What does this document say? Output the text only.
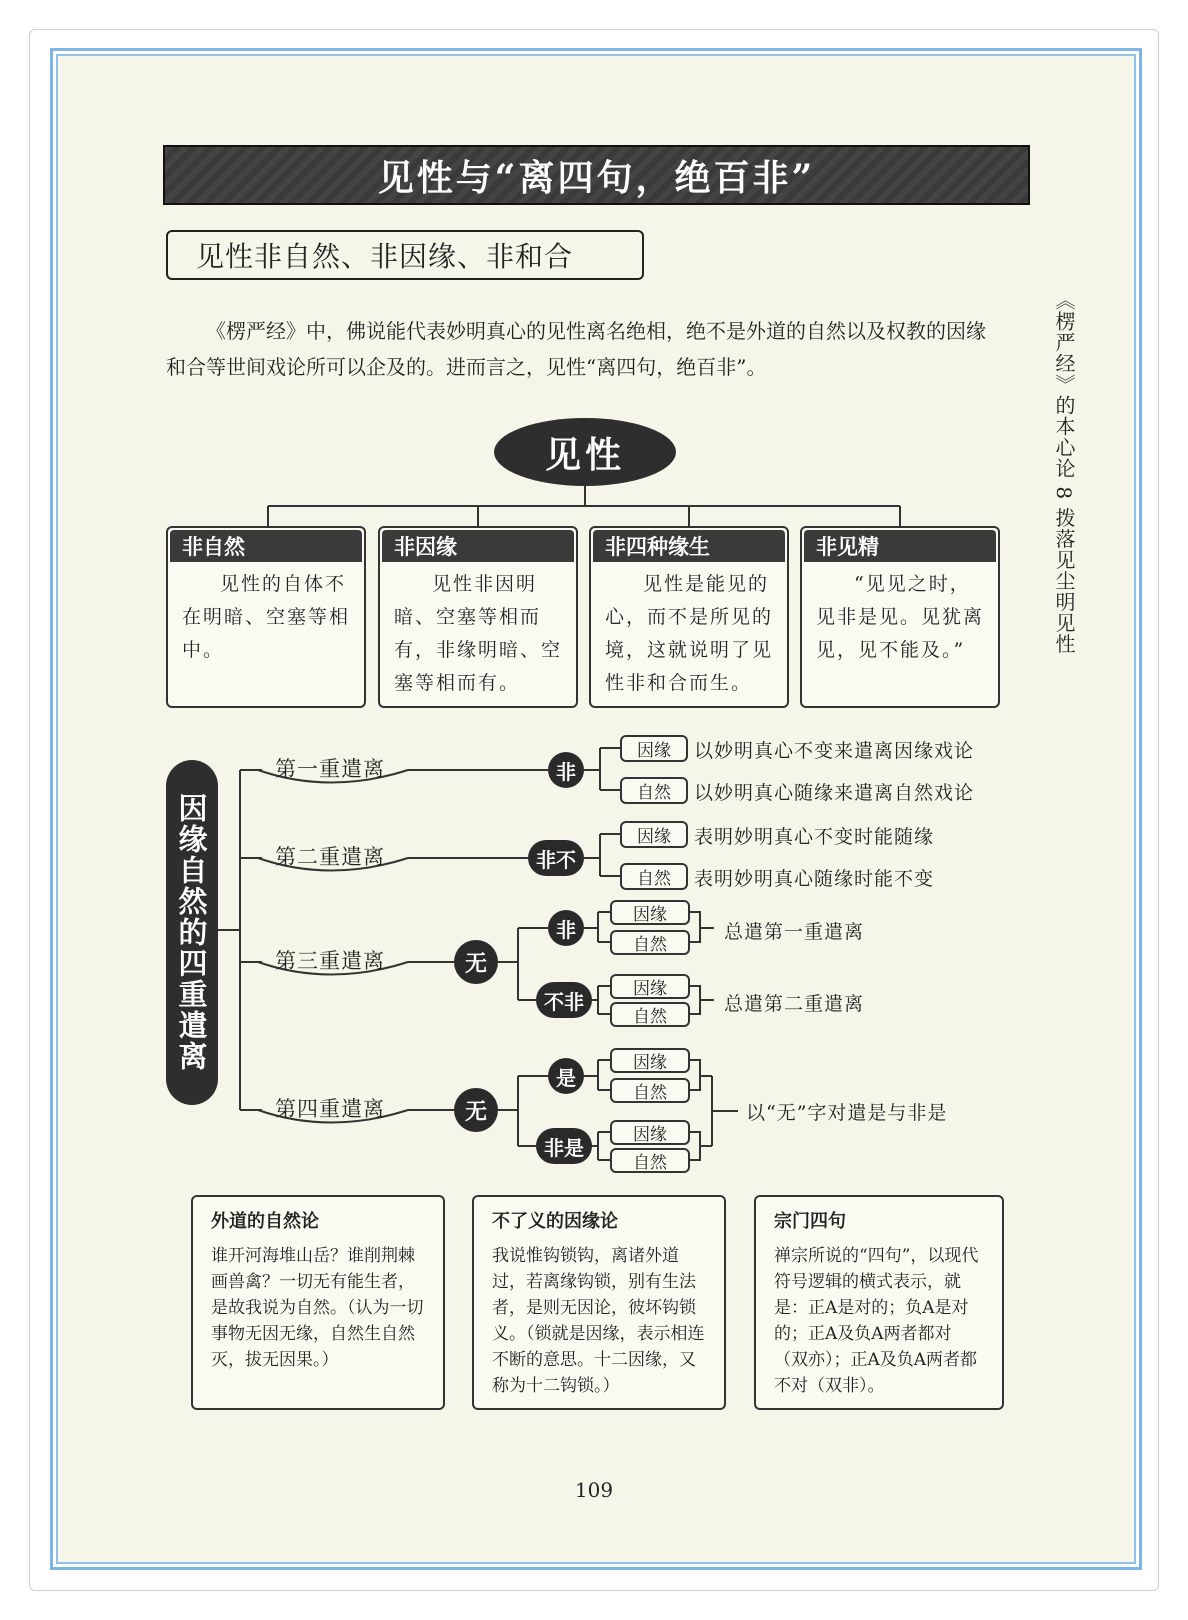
见性与“离四句，绝百非”
见性非自然、非因缘、非和合
《楞严经》中，佛说能代表妙明真心的见性离名绝相，绝不是外道的自然以及权教的因缘和合等世间戏论所可以企及的。进而言之，见性“离四句，绝百非”。	《楞严经》的本心论 8 拨落见尘明见性
见性
非自然
见性的自体不在明暗、空塞等相中。
非因缘
见性非因明暗、空塞等相而有，非缘明暗、空塞等相而有。
非四种缘生
见性是能见的心，而不是所见的境，这就说明了见性非和合而生。
非见精
“见见之时，见非是见。见犹离见，见不能及。”
因缘自然的四重遣离
第一重遣离
第二重遣离
第三重遣离
第四重遣离
非
因缘	以妙明真心不变来遣离因缘戏论
自然	以妙明真心随缘来遣离自然戏论
非不
因缘	表明妙明真心不变时能随缘
自然	表明妙明真心随缘时能不变
无
非
因缘
自然
总遣第一重遣离
不非
因缘
自然
总遣第二重遣离
无
是
因缘
自然
非是
因缘
自然
以“无”字对遣是与非是
外道的自然论
谁开河海堆山岳？谁削荆棘画兽禽？一切无有能生者，是故我说为自然。（认为一切事物无因无缘，自然生自然灭，拔无因果。）
不了义的因缘论
我说惟钩锁钩，离诸外道过，若离缘钩锁，别有生法者，是则无因论，彼坏钩锁义。（锁就是因缘，表示相连不断的意思。十二因缘，又称为十二钩锁。）
宗门四句
禅宗所说的“四句”，以现代符号逻辑的横式表示，就是：正A是对的；负A是对的；正A及负A两者都对（双亦）；正A及负A两者都不对（双非）。
109
